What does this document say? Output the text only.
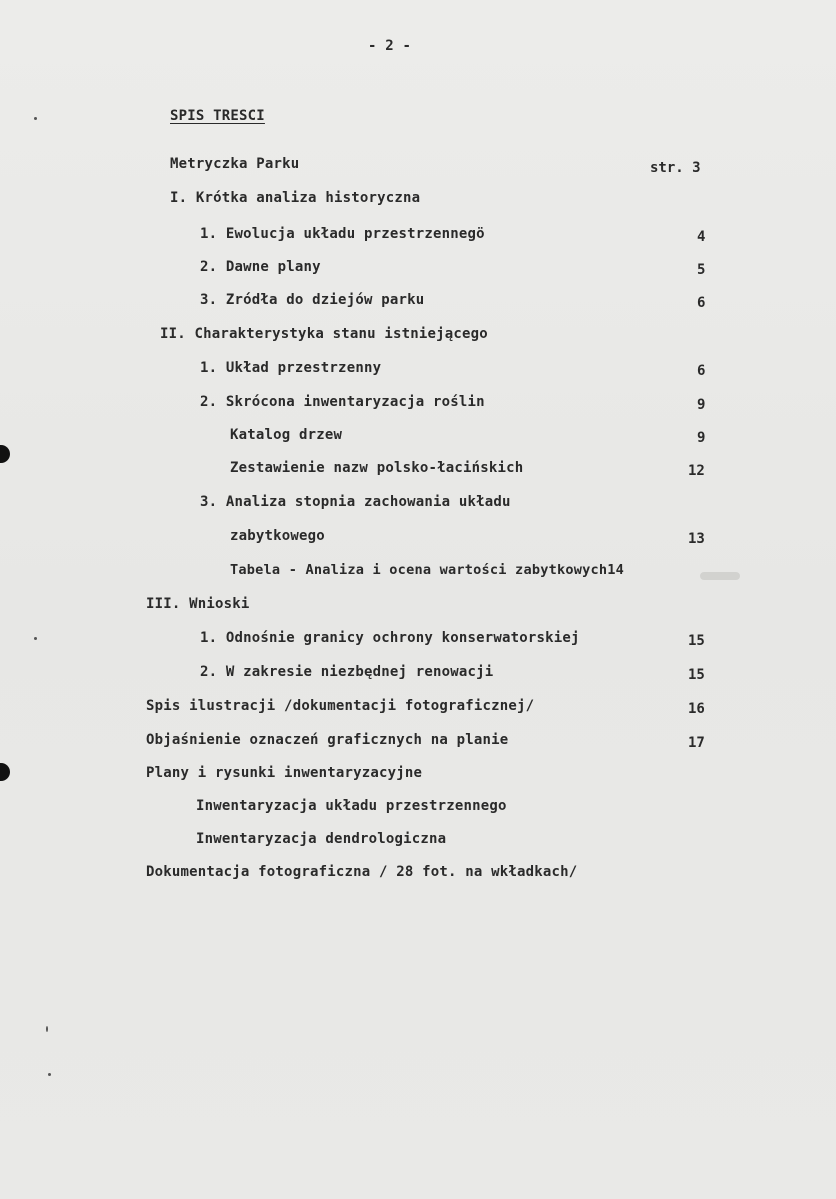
- 2 -
SPIS TRESCI
Metryczka Parku	str. 3
I. Krótka analiza historyczna
1. Ewolucja układu przestrzennegö	4
2. Dawne plany	5
3. Zródła do dziejów parku	6
II. Charakterystyka stanu istniejącego
1. Układ przestrzenny	6
2. Skrócona inwentaryzacja roślin	9
Katalog drzew	9
Zestawienie nazw polsko-łacińskich	12
3. Analiza stopnia zachowania układu
zabytkowego	13
Tabela - Analiza i ocena wartości zabytkowych14
III. Wnioski
1. Odnośnie granicy ochrony konserwatorskiej	15
2. W zakresie niezbędnej renowacji	15
Spis ilustracji /dokumentacji fotograficznej/	16
Objaśnienie oznaczeń graficznych na planie	17
Plany i rysunki inwentaryzacyjne
Inwentaryzacja układu przestrzennego
Inwentaryzacja dendrologiczna
Dokumentacja fotograficzna / 28 fot. na wkładkach/
